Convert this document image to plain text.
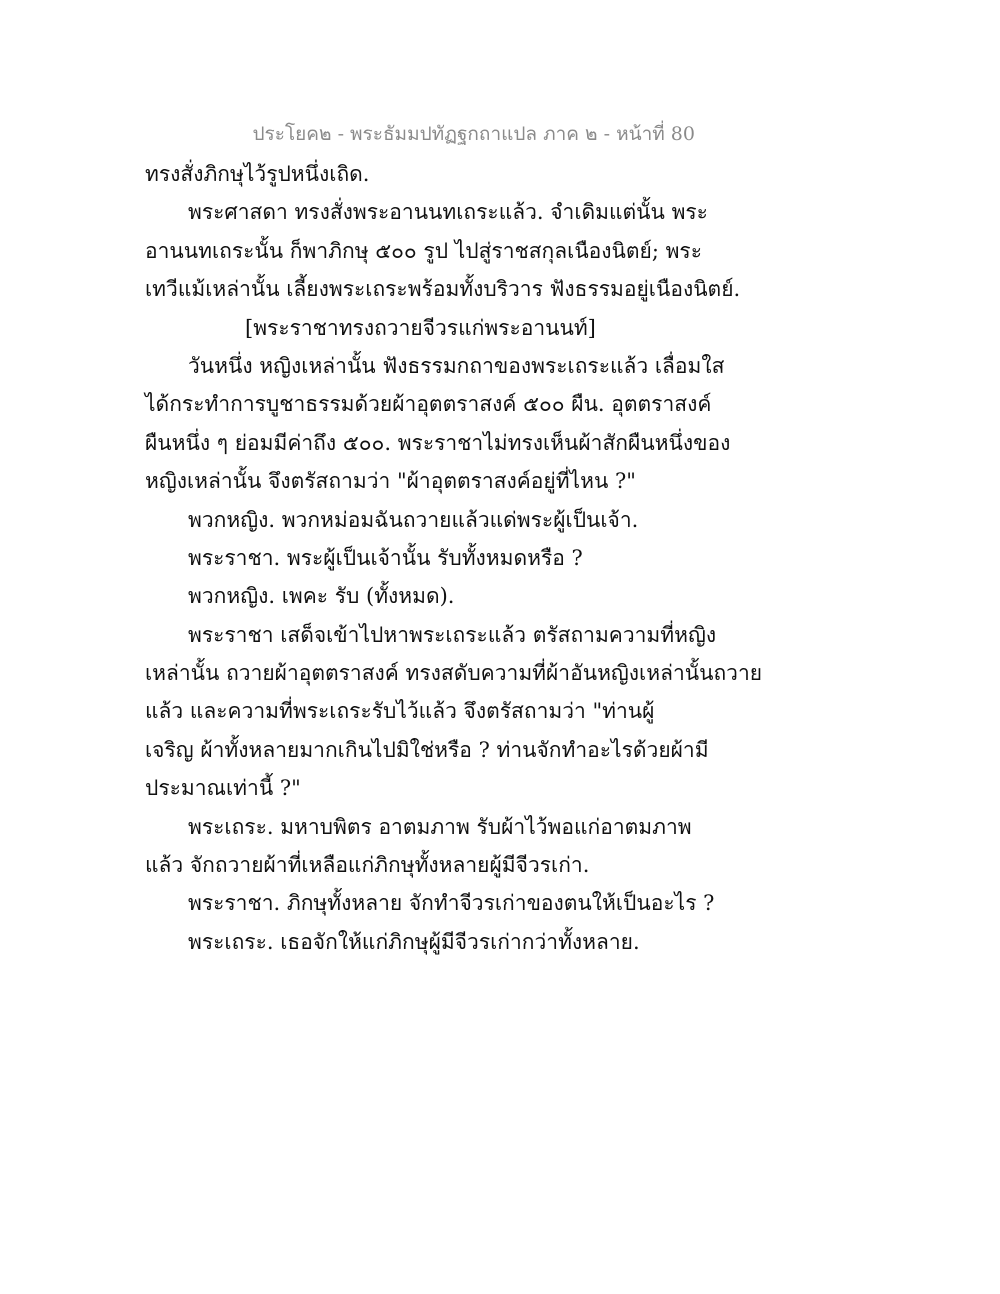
ประโยค๒ - พระธัมมปทัฏฐกถาแปล ภาค ๒ - หน้าที่ 80
ทรงสั่งภิกษุไว้รูปหนึ่งเถิด.
พระศาสดา ทรงสั่งพระอานนทเถระแล้ว. จำเดิมแต่นั้น พระ
อานนทเถระนั้น ก็พาภิกษุ ๕๐๐ รูป ไปสู่ราชสกุลเนืองนิตย์; พระ
เทวีแม้เหล่านั้น เลี้ยงพระเถระพร้อมทั้งบริวาร ฟังธรรมอยู่เนืองนิตย์.
[พระราชาทรงถวายจีวรแก่พระอานนท์]
วันหนึ่ง หญิงเหล่านั้น ฟังธรรมกถาของพระเถระแล้ว เลื่อมใส
ได้กระทำการบูชาธรรมด้วยผ้าอุตตราสงค์ ๕๐๐ ผืน. อุตตราสงค์
ผืนหนึ่ง ๆ ย่อมมีค่าถึง ๕๐๐. พระราชาไม่ทรงเห็นผ้าสักผืนหนึ่งของ
หญิงเหล่านั้น จึงตรัสถามว่า "ผ้าอุตตราสงค์อยู่ที่ไหน ?"
พวกหญิง. พวกหม่อมฉันถวายแล้วแด่พระผู้เป็นเจ้า.
พระราชา. พระผู้เป็นเจ้านั้น รับทั้งหมดหรือ ?
พวกหญิง. เพคะ รับ (ทั้งหมด).
พระราชา เสด็จเข้าไปหาพระเถระแล้ว ตรัสถามความที่หญิง
เหล่านั้น ถวายผ้าอุตตราสงค์ ทรงสดับความที่ผ้าอันหญิงเหล่านั้นถวาย
แล้ว และความที่พระเถระรับไว้แล้ว จึงตรัสถามว่า "ท่านผู้
เจริญ ผ้าทั้งหลายมากเกินไปมิใช่หรือ ? ท่านจักทำอะไรด้วยผ้ามี
ประมาณเท่านี้ ?"
พระเถระ. มหาบพิตร อาตมภาพ รับผ้าไว้พอแก่อาตมภาพ
แล้ว จักถวายผ้าที่เหลือแก่ภิกษุทั้งหลายผู้มีจีวรเก่า.
พระราชา. ภิกษุทั้งหลาย จักทำจีวรเก่าของตนให้เป็นอะไร ?
พระเถระ. เธอจักให้แก่ภิกษุผู้มีจีวรเก่ากว่าทั้งหลาย.
